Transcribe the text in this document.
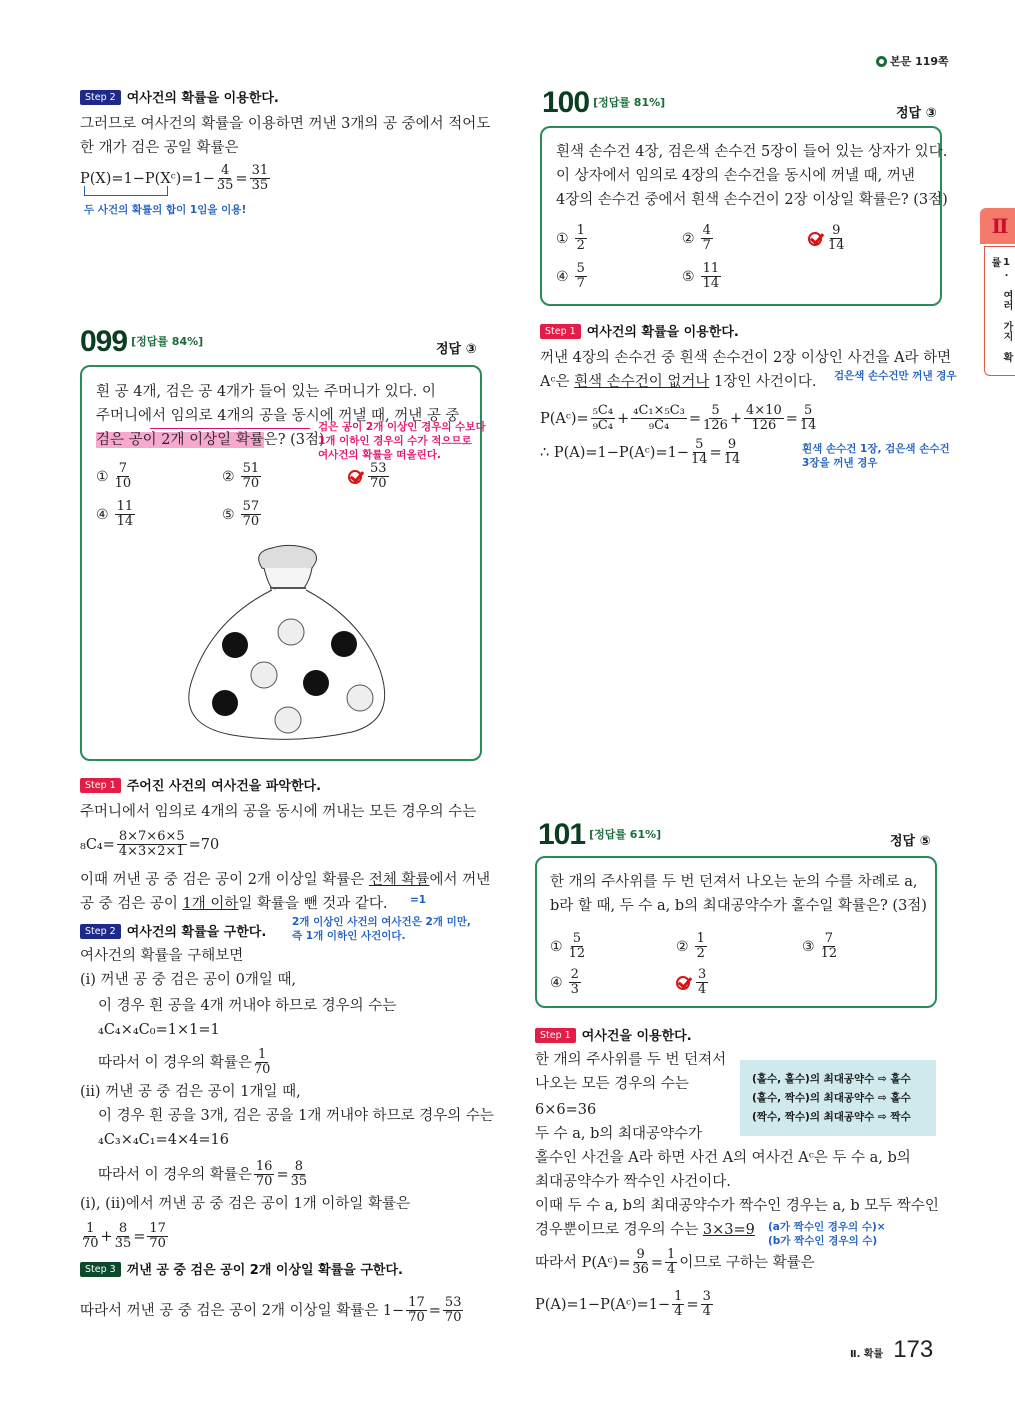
본문 119쪽
Ⅱ
1. 여러 가지 확률
Step 2 여사건의 확률을 이용한다.
그러므로 여사건의 확률을 이용하면 꺼낸 3개의 공 중에서 적어도
한 개가 검은 공일 확률은
P(X)=1−P(Xᶜ)=1− $\frac{4}{35} = \frac{31}{35}$
두 사건의 확률의 합이 1임을 이용!
099 [정답률 84%]
정답 ③
흰 공 4개, 검은 공 4개가 들어 있는 주머니가 있다. 이
주머니에서 임의로 4개의 공을 동시에 꺼낼 때, 꺼낸 공 중
검은 공이 2개 이상일 확률은? (3점)
검은 공이 2개 이상인 경우의 수보다
1개 이하인 경우의 수가 적으므로
여사건의 확률을 떠올린다.
① $\frac{7}{10}$	② $\frac{51}{70}$	$\frac{53}{70}$
④ $\frac{11}{14}$	⑤ $\frac{57}{70}$
Step 1 주어진 사건의 여사건을 파악한다.
주머니에서 임의로 4개의 공을 동시에 꺼내는 모든 경우의 수는
$_8C_4= \frac{8\times 7\times 6\times 5}{4\times 3\times 2\times 1} =70$
이때 꺼낸 공 중 검은 공이 2개 이상일 확률은 전체 확률에서 꺼낸
공 중 검은 공이 1개 이하일 확률을 뺀 것과 같다. =1
Step 2 여사건의 확률을 구한다.
2개 이상인 사건의 여사건은 2개 미만,
즉 1개 이하인 사건이다.
여사건의 확률을 구해보면
(i) 꺼낸 공 중 검은 공이 0개일 때,
이 경우 흰 공을 4개 꺼내야 하므로 경우의 수는
₄C₄×₄C₀=1×1=1
따라서 이 경우의 확률은 $\frac{1}{70}$
(ii) 꺼낸 공 중 검은 공이 1개일 때,
이 경우 흰 공을 3개, 검은 공을 1개 꺼내야 하므로 경우의 수는
₄C₃×₄C₁=4×4=16
따라서 이 경우의 확률은 $\frac{16}{70} = \frac{8}{35}$
(i), (ii)에서 꺼낸 공 중 검은 공이 1개 이하일 확률은
$\frac{1}{70} + \frac{8}{35} = \frac{17}{70}$
Step 3 꺼낸 공 중 검은 공이 2개 이상일 확률을 구한다.
따라서 꺼낸 공 중 검은 공이 2개 이상일 확률은 $1- \frac{17}{70} = \frac{53}{70}$
100 [정답률 81%]
정답 ③
흰색 손수건 4장, 검은색 손수건 5장이 들어 있는 상자가 있다.
이 상자에서 임의로 4장의 손수건을 동시에 꺼낼 때, 꺼낸
4장의 손수건 중에서 흰색 손수건이 2장 이상일 확률은? (3점)
① $\frac{1}{2}$	② $\frac{4}{7}$	$\frac{9}{14}$
④ $\frac{5}{7}$	⑤ $\frac{11}{14}$
Step 1 여사건의 확률을 이용한다.
꺼낸 4장의 손수건 중 흰색 손수건이 2장 이상인 사건을 A라 하면
Aᶜ은 흰색 손수건이 없거나 1장인 사건이다. 검은색 손수건만 꺼낸 경우
P(Aᶜ)= $\frac{\text{₅C₄}}{\text{₉C₄}} + \frac{\text{₄C₁×₅C₃}}{\text{₉C₄}} = \frac{5}{126} + \frac{4\times 10}{126} = \frac{5}{14}$
∴ P(A)=1−P(Aᶜ)=1− $\frac{5}{14} = \frac{9}{14}$	흰색 손수건 1장, 검은색 손수건
3장을 꺼낸 경우
101 [정답률 61%]	정답 ⑤
한 개의 주사위를 두 번 던져서 나오는 눈의 수를 차례로 a,
b라 할 때, 두 수 a, b의 최대공약수가 홀수일 확률은? (3점)
① $\frac{5}{12}$	② $\frac{1}{2}$	③ $\frac{7}{12}$
④ $\frac{2}{3}$	$\frac{3}{4}$
Step 1 여사건을 이용한다.
한 개의 주사위를 두 번 던져서
나오는 모든 경우의 수는
6×6=36
두 수 a, b의 최대공약수가
(홀수, 홀수)의 최대공약수 ⇨ 홀수
(홀수, 짝수)의 최대공약수 ⇨ 홀수
(짝수, 짝수)의 최대공약수 ⇨ 짝수
홀수인 사건을 A라 하면 사건 A의 여사건 Aᶜ은 두 수 a, b의
최대공약수가 짝수인 사건이다.
이때 두 수 a, b의 최대공약수가 짝수인 경우는 a, b 모두 짝수인
경우뿐이므로 경우의 수는 3×3=9 (a가 짝수인 경우의 수)×
(b가 짝수인 경우의 수)
따라서 P(Aᶜ)= $\frac{9}{36} = \frac{1}{4}$ 이므로 구하는 확률은
P(A)=1−P(Aᶜ)=1− $\frac{1}{4} = \frac{3}{4}$
Ⅱ. 확률 173
